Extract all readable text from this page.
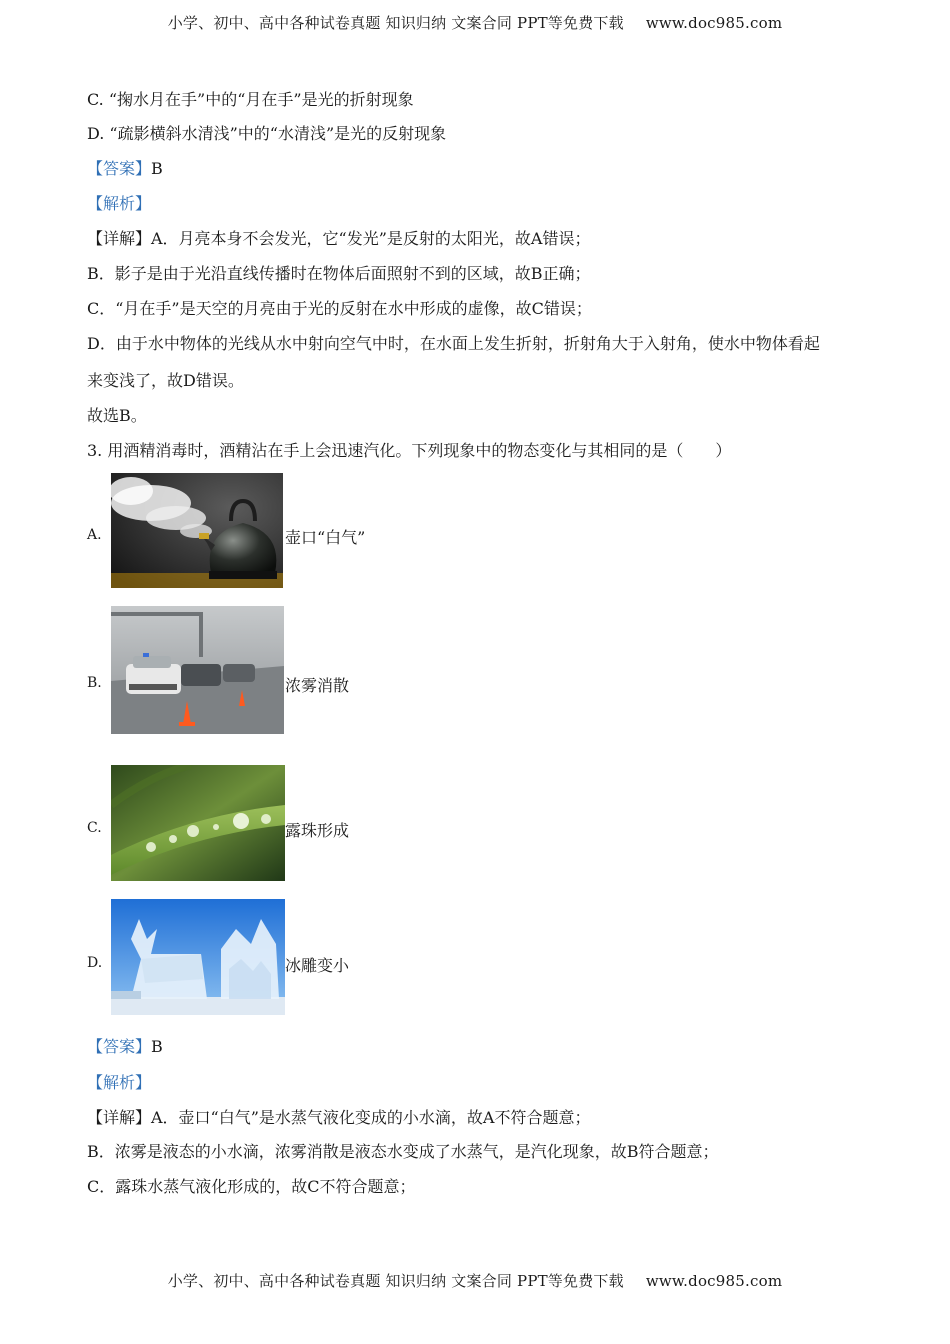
小学、初中、高中各种试卷真题 知识归纳 文案合同 PPT等免费下载 www.doc985.com
C. “掬水月在手”中的“月在手”是光的折射现象
D. “疏影横斜水清浅”中的“水清浅”是光的反射现象
【答案】B
【解析】
【详解】A．月亮本身不会发光，它“发光”是反射的太阳光，故A错误；
B．影子是由于光沿直线传播时在物体后面照射不到的区域，故B正确；
C．“月在手”是天空的月亮由于光的反射在水中形成的虚像，故C错误；
D．由于水中物体的光线从水中射向空气中时，在水面上发生折射，折射角大于入射角，使水中物体看起
来变浅了，故D错误。
故选B。
3. 用酒精消毒时，酒精沾在手上会迅速汽化。下列现象中的物态变化与其相同的是（　　）
A.	壶口“白气”
B.	浓雾消散
C.	露珠形成
D.	冰雕变小
【答案】B
【解析】
【详解】A．壶口“白气”是水蒸气液化变成的小水滴，故A不符合题意；
B．浓雾是液态的小水滴，浓雾消散是液态水变成了水蒸气，是汽化现象，故B符合题意；
C．露珠水蒸气液化形成的，故C不符合题意；
小学、初中、高中各种试卷真题 知识归纳 文案合同 PPT等免费下载 www.doc985.com
